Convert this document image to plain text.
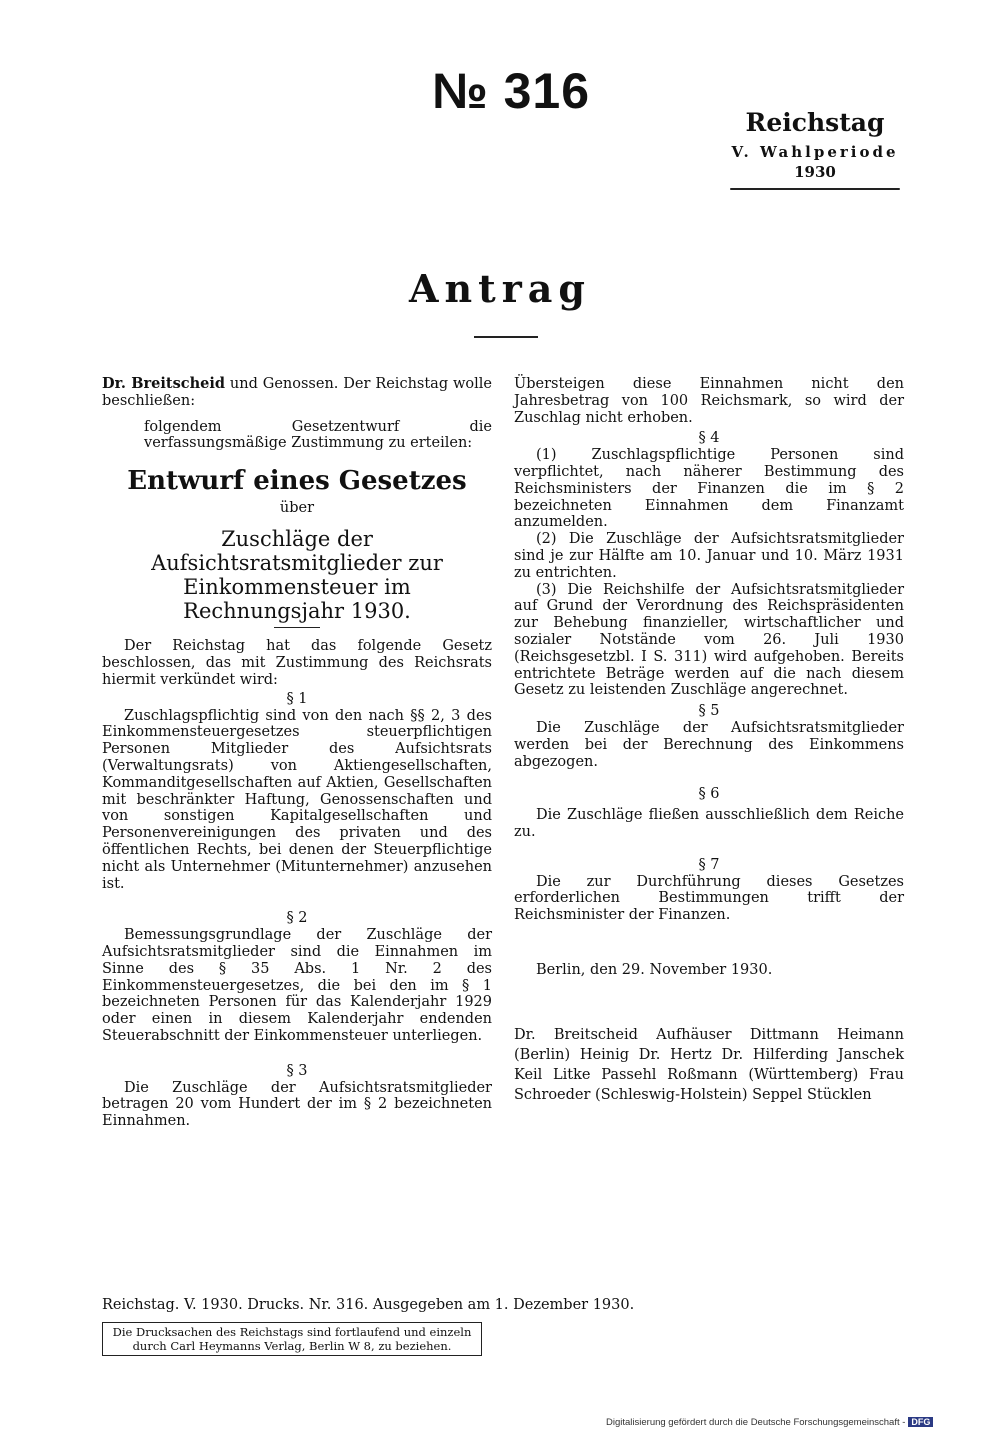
№ 316
Reichstag
V. Wahlperiode
1930
Antrag

Dr. Breitscheid und Genossen. Der Reichstag wolle beschließen:

folgendem Gesetzentwurf die verfassungsmäßige Zustimmung zu erteilen:

Entwurf eines Gesetzes
über
Zuschläge der Aufsichtsratsmitglieder zur Einkommensteuer im Rechnungsjahr 1930.

Der Reichstag hat das folgende Gesetz beschlossen, das mit Zustimmung des Reichsrats hiermit verkündet wird:

§ 1

Zuschlagspflichtig sind von den nach §§ 2, 3 des Einkommensteuergesetzes steuerpflichtigen Personen Mitglieder des Aufsichtsrats (Verwaltungsrats) von Aktiengesellschaften, Kommanditgesellschaften auf Aktien, Gesellschaften mit beschränkter Haftung, Genossenschaften und von sonstigen Kapitalgesellschaften und Personenvereinigungen des privaten und des öffentlichen Rechts, bei denen der Steuerpflichtige nicht als Unternehmer (Mitunternehmer) anzusehen ist.

§ 2

Bemessungsgrundlage der Zuschläge der Aufsichtsratsmitglieder sind die Einnahmen im Sinne des § 35 Abs. 1 Nr. 2 des Einkommensteuergesetzes, die bei den im § 1 bezeichneten Personen für das Kalenderjahr 1929 oder einen in diesem Kalenderjahr endenden Steuerabschnitt der Einkommensteuer unterliegen.

§ 3

Die Zuschläge der Aufsichtsratsmitglieder betragen 20 vom Hundert der im § 2 bezeichneten Einnahmen.

Übersteigen diese Einnahmen nicht den Jahresbetrag von 100 Reichsmark, so wird der Zuschlag nicht erhoben.

§ 4

(1) Zuschlagspflichtige Personen sind verpflichtet, nach näherer Bestimmung des Reichsministers der Finanzen die im § 2 bezeichneten Einnahmen dem Finanzamt anzumelden.

(2) Die Zuschläge der Aufsichtsratsmitglieder sind je zur Hälfte am 10. Januar und 10. März 1931 zu entrichten.

(3) Die Reichshilfe der Aufsichtsratsmitglieder auf Grund der Verordnung des Reichspräsidenten zur Behebung finanzieller, wirtschaftlicher und sozialer Notstände vom 26. Juli 1930 (Reichsgesetzbl. I S. 311) wird aufgehoben. Bereits entrichtete Beträge werden auf die nach diesem Gesetz zu leistenden Zuschläge angerechnet.

§ 5

Die Zuschläge der Aufsichtsratsmitglieder werden bei der Berechnung des Einkommens abgezogen.

§ 6

Die Zuschläge fließen ausschließlich dem Reiche zu.

§ 7

Die zur Durchführung dieses Gesetzes erforderlichen Bestimmungen trifft der Reichsminister der Finanzen.

Berlin, den 29. November 1930.

Dr. Breitscheid Aufhäuser Dittmann Heimann
(Berlin) Heinig Dr. Hertz Dr. Hilferding Janschek
Keil Litke Passehl Roßmann (Württemberg) Frau
Schroeder (Schleswig-Holstein) Seppel Stücklen
Reichstag. V. 1930. Drucks. Nr. 316. Ausgegeben am 1. Dezember 1930.
Die Drucksachen des Reichstags sind fortlaufend und einzeln durch Carl Heymanns Verlag, Berlin W 8, zu beziehen.
Digitalisierung gefördert durch die Deutsche Forschungsgemeinschaft - DFG
